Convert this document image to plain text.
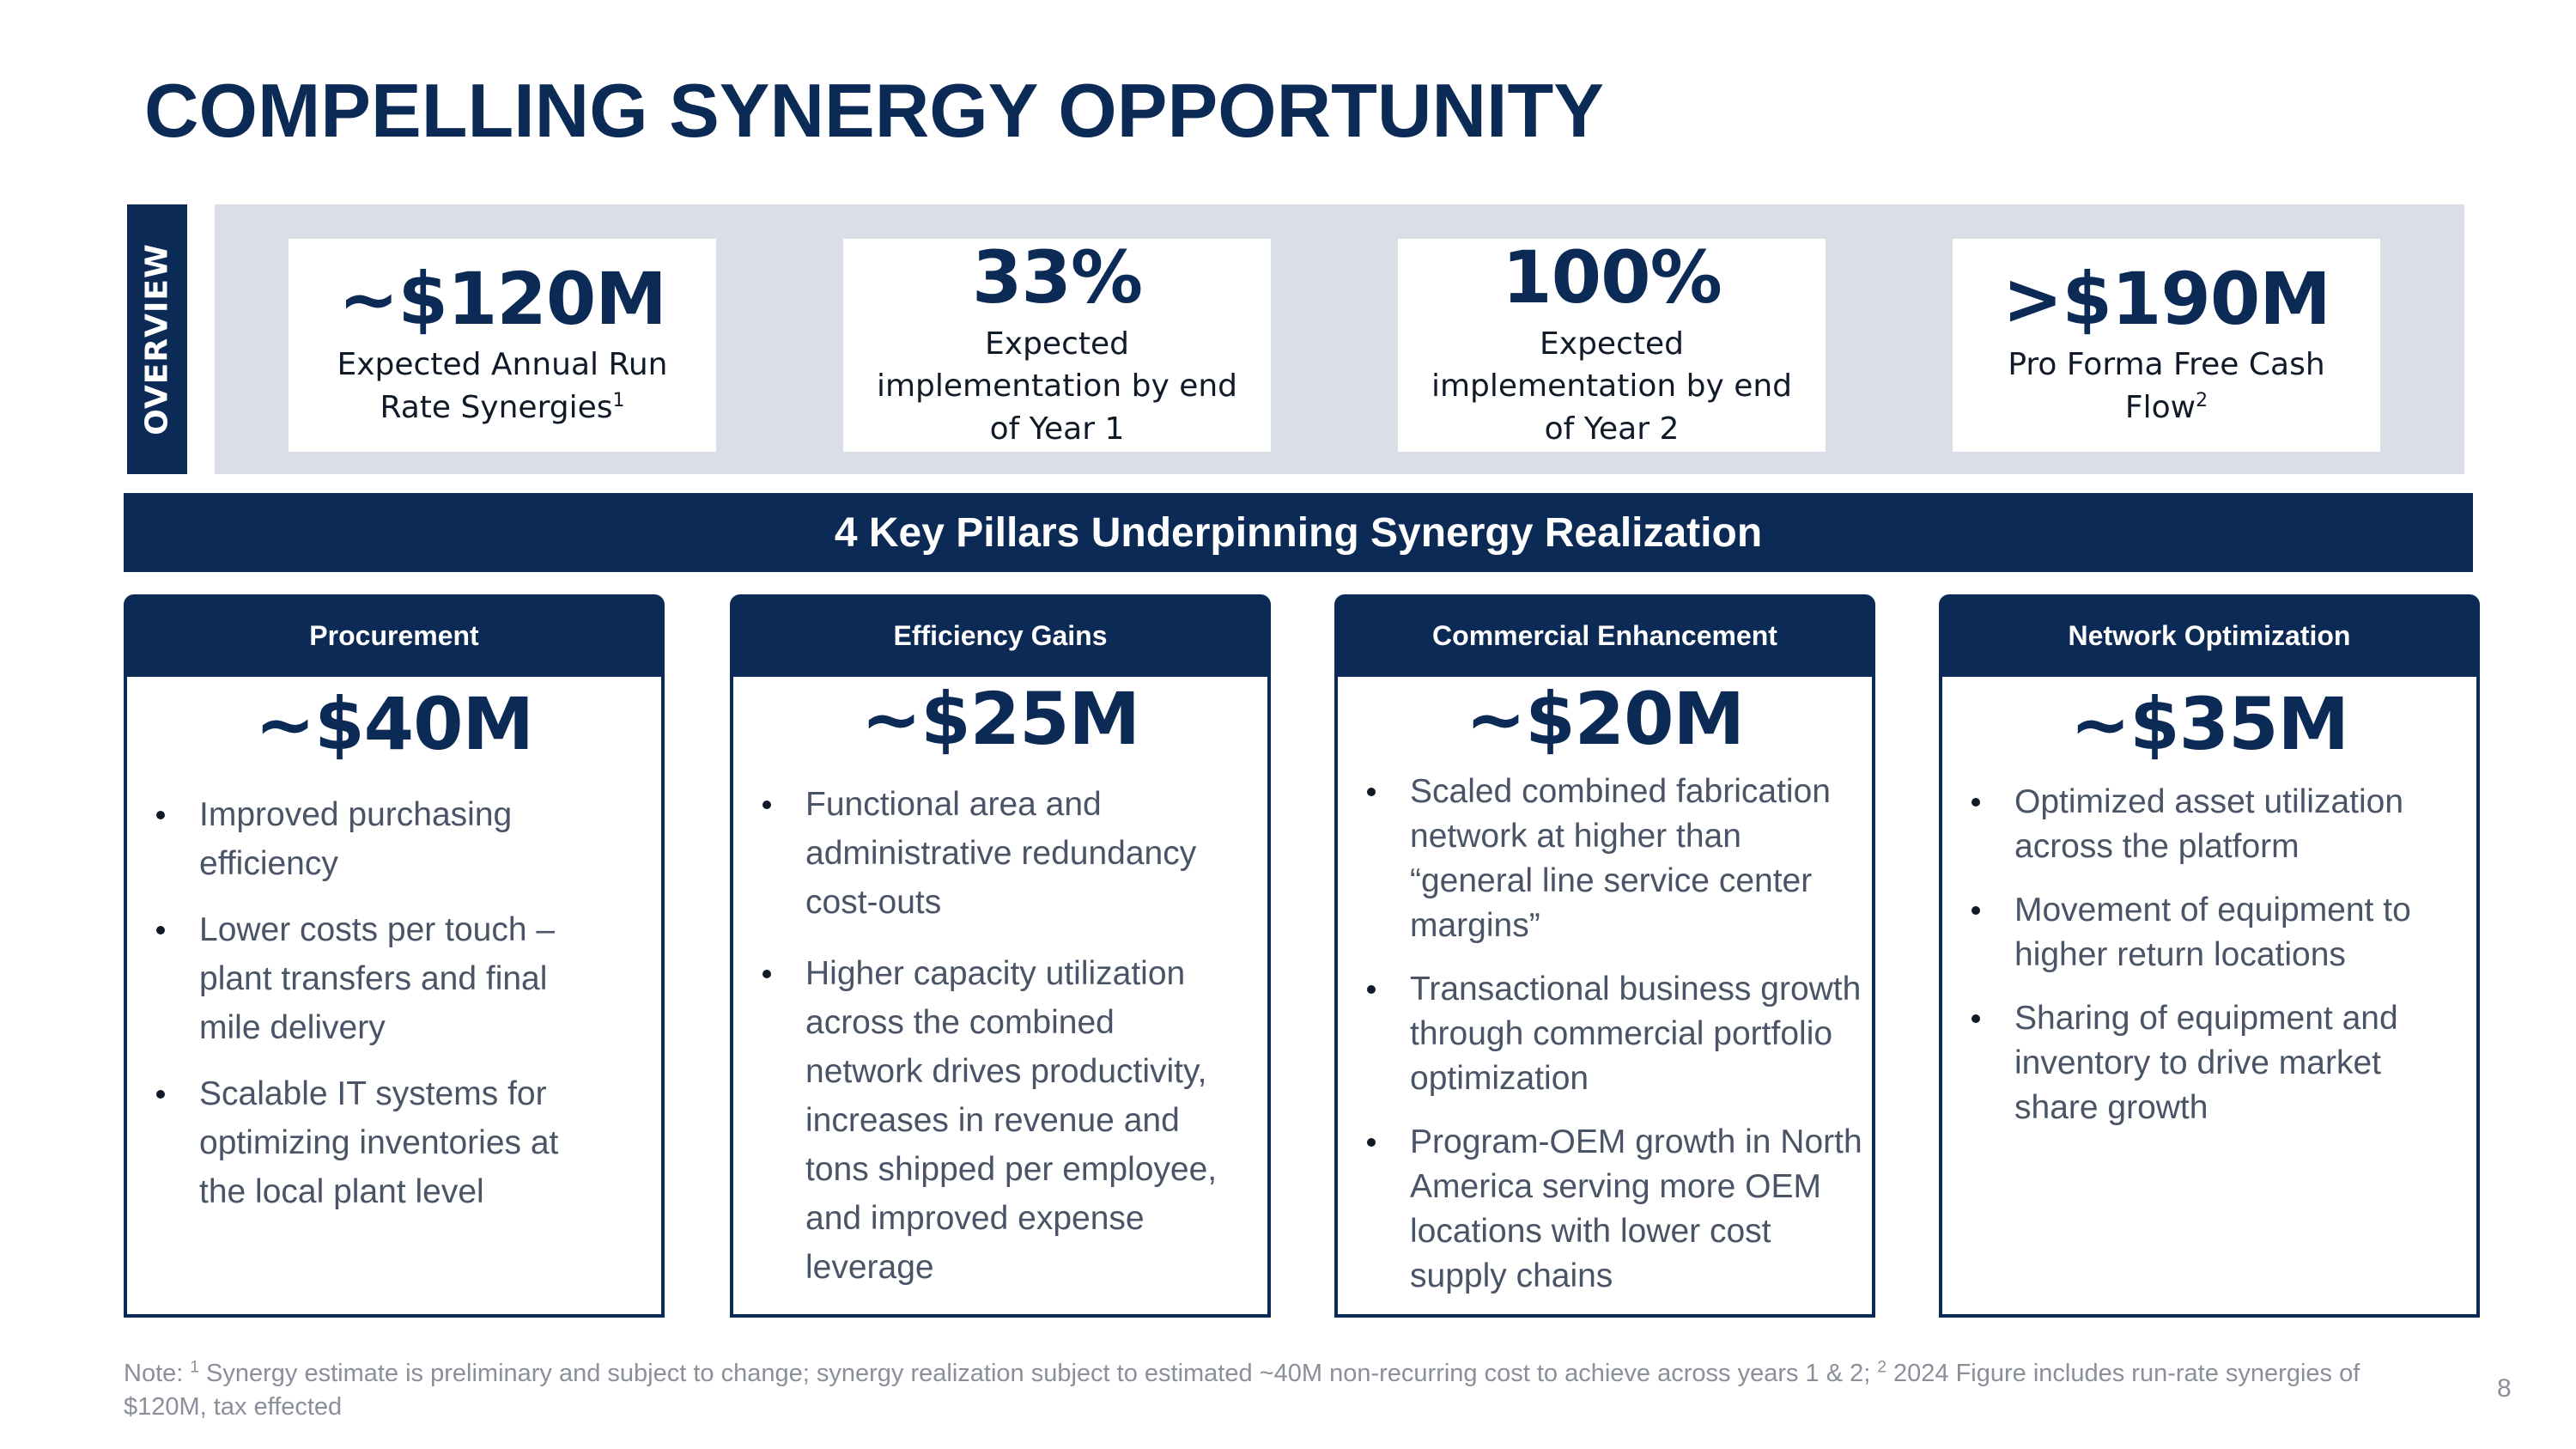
COMPELLING SYNERGY OPPORTUNITY
OVERVIEW ~$120M
Expected Annual Run Rate Synergies$^1$
33%
Expected implementation by end of Year 1
100%
Expected implementation by end of Year 2
>$190M
Pro Forma Free Cash Flow$^2$
4 Key Pillars Underpinning Synergy Realization
Procurement
~$40M
Improved purchasing efficiency
Lower costs per touch – plant transfers and final mile delivery
Scalable IT systems for optimizing inventories at the local plant level
Efficiency Gains
~$25M
Functional area and administrative redundancy cost-outs
Higher capacity utilization across the combined network drives productivity, increases in revenue and tons shipped per employee, and improved expense leverage
Commercial Enhancement
~$20M
Scaled combined fabrication network at higher than “general line service center margins”
Transactional business growth through commercial portfolio optimization
Program-OEM growth in North America serving more OEM locations with lower cost supply chains
Network Optimization
~$35M
Optimized asset utilization across the platform
Movement of equipment to higher return locations
Sharing of equipment and inventory to drive market share growth
Note: $^1$ Synergy estimate is preliminary and subject to change; synergy realization subject to estimated ~40M non-recurring cost to achieve across years 1 & 2; $^2$ 2024 Figure includes run-rate synergies of $120M, tax effected
8
